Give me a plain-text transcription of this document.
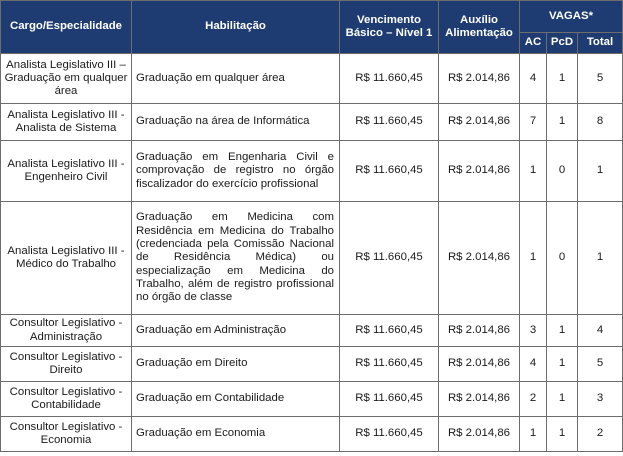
Cargo/Especialidade	Habilitação	Vencimento Básico – Nível 1	Auxílio Alimentação	VAGAS*		
				AC	PcD	Total
Analista Legislativo III – Graduação em qualquer área	Graduação em qualquer área	R$ 11.660,45	R$ 2.014,86	4	1	5
Analista Legislativo III - Analista de Sistema	Graduação na área de Informática	R$ 11.660,45	R$ 2.014,86	7	1	8
Analista Legislativo III - Engenheiro Civil	Graduação em Engenharia Civil e comprovação de registro no órgão fiscalizador do exercício profissional	R$ 11.660,45	R$ 2.014,86	1	0	1
Analista Legislativo III - Médico do Trabalho	Graduação em Medicina com Residência em Medicina do Trabalho (credenciada pela Comissão Nacional de Residência Médica) ou especialização em Medicina do Trabalho, além de registro profissional no órgão de classe	R$ 11.660,45	R$ 2.014,86	1	0	1
Consultor Legislativo - Administração	Graduação em Administração	R$ 11.660,45	R$ 2.014,86	3	1	4
Consultor Legislativo - Direito	Graduação em Direito	R$ 11.660,45	R$ 2.014,86	4	1	5
Consultor Legislativo - Contabilidade	Graduação em Contabilidade	R$ 11.660,45	R$ 2.014,86	2	1	3
Consultor Legislativo - Economia	Graduação em Economia	R$ 11.660,45	R$ 2.014,86	1	1	2
